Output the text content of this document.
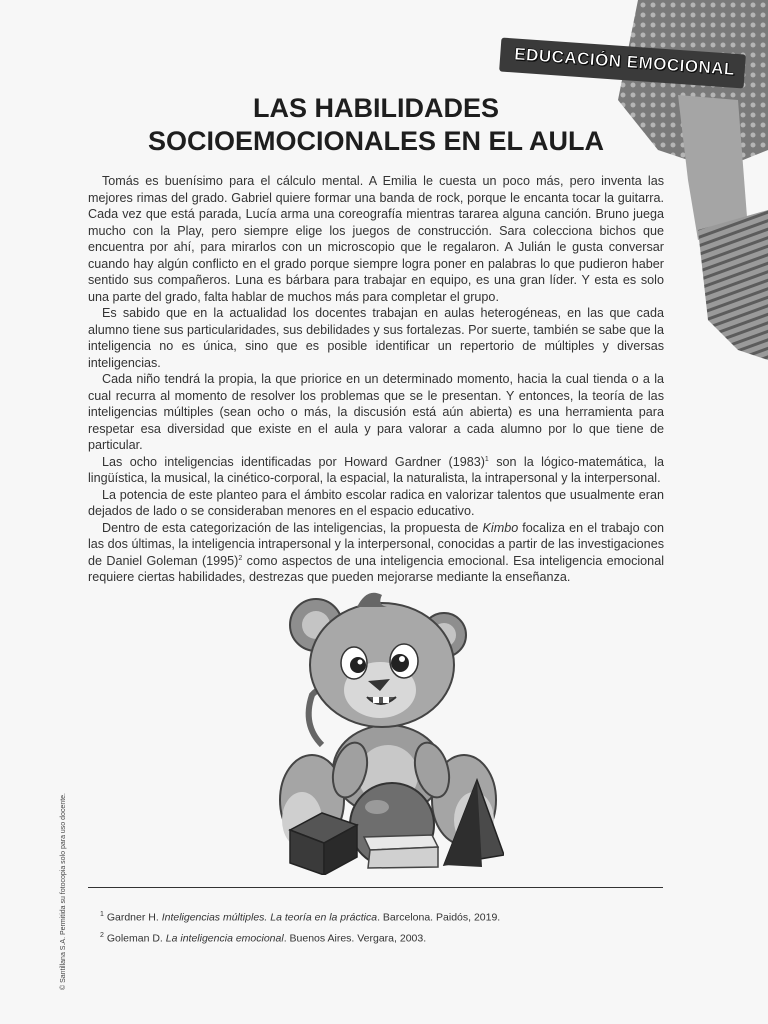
EDUCACIÓN EMOCIONAL
LAS HABILIDADES
SOCIOEMOCIONALES EN EL AULA

Tomás es buenísimo para el cálculo mental. A Emilia le cuesta un poco más, pero inventa las mejores rimas del grado. Gabriel quiere formar una banda de rock, porque le encanta tocar la guitarra. Cada vez que está parada, Lucía arma una coreografía mientras tararea alguna canción. Bruno juega mucho con la Play, pero siempre elige los juegos de construcción. Sara colecciona bichos que encuentra por ahí, para mirarlos con un microscopio que le regalaron. A Julián le gusta conversar cuando hay algún conflicto en el grado porque siempre logra poner en palabras lo que pudieron haber sentido sus compañeros. Luna es bárbara para trabajar en equipo, es una gran líder. Y esta es solo una parte del grado, falta hablar de muchos más para completar el grupo.

Es sabido que en la actualidad los docentes trabajan en aulas heterogéneas, en las que cada alumno tiene sus particularidades, sus debilidades y sus fortalezas. Por suerte, también se sabe que la inteligencia no es única, sino que es posible identificar un repertorio de múltiples y diversas inteligencias.

Cada niño tendrá la propia, la que priorice en un determinado momento, hacia la cual tienda o a la cual recurra al momento de resolver los problemas que se le presentan. Y entonces, la teoría de las inteligencias múltiples (sean ocho o más, la discusión está aún abierta) es una herramienta para respetar esa diversidad que existe en el aula y para valorar a cada alumno por lo que tiene de particular.

Las ocho inteligencias identificadas por Howard Gardner $(1983)^1$ son la lógico-matemática, la lingüística, la musical, la cinético-corporal, la espacial, la naturalista, la intrapersonal y la interpersonal.

La potencia de este planteo para el ámbito escolar radica en valorizar talentos que usualmente eran dejados de lado o se consideraban menores en el espacio educativo.

Dentro de esta categorización de las inteligencias, la propuesta de Kimbo focaliza en el trabajo con las dos últimas, la inteligencia intrapersonal y la interpersonal, conocidas a partir de las investigaciones de Daniel Goleman $(1995)^2$ como aspectos de una inteligencia emocional. Esa inteligencia emocional requiere ciertas habilidades, destrezas que pueden mejorarse mediante la enseñanza.

$^1$ Gardner H. Inteligencias múltiples. La teoría en la práctica. Barcelona. Paidós, 2019.

$^2$ Goleman D. La inteligencia emocional. Buenos Aires. Vergara, 2003.

© Santillana S.A. Permitida su fotocopia solo para uso docente.
